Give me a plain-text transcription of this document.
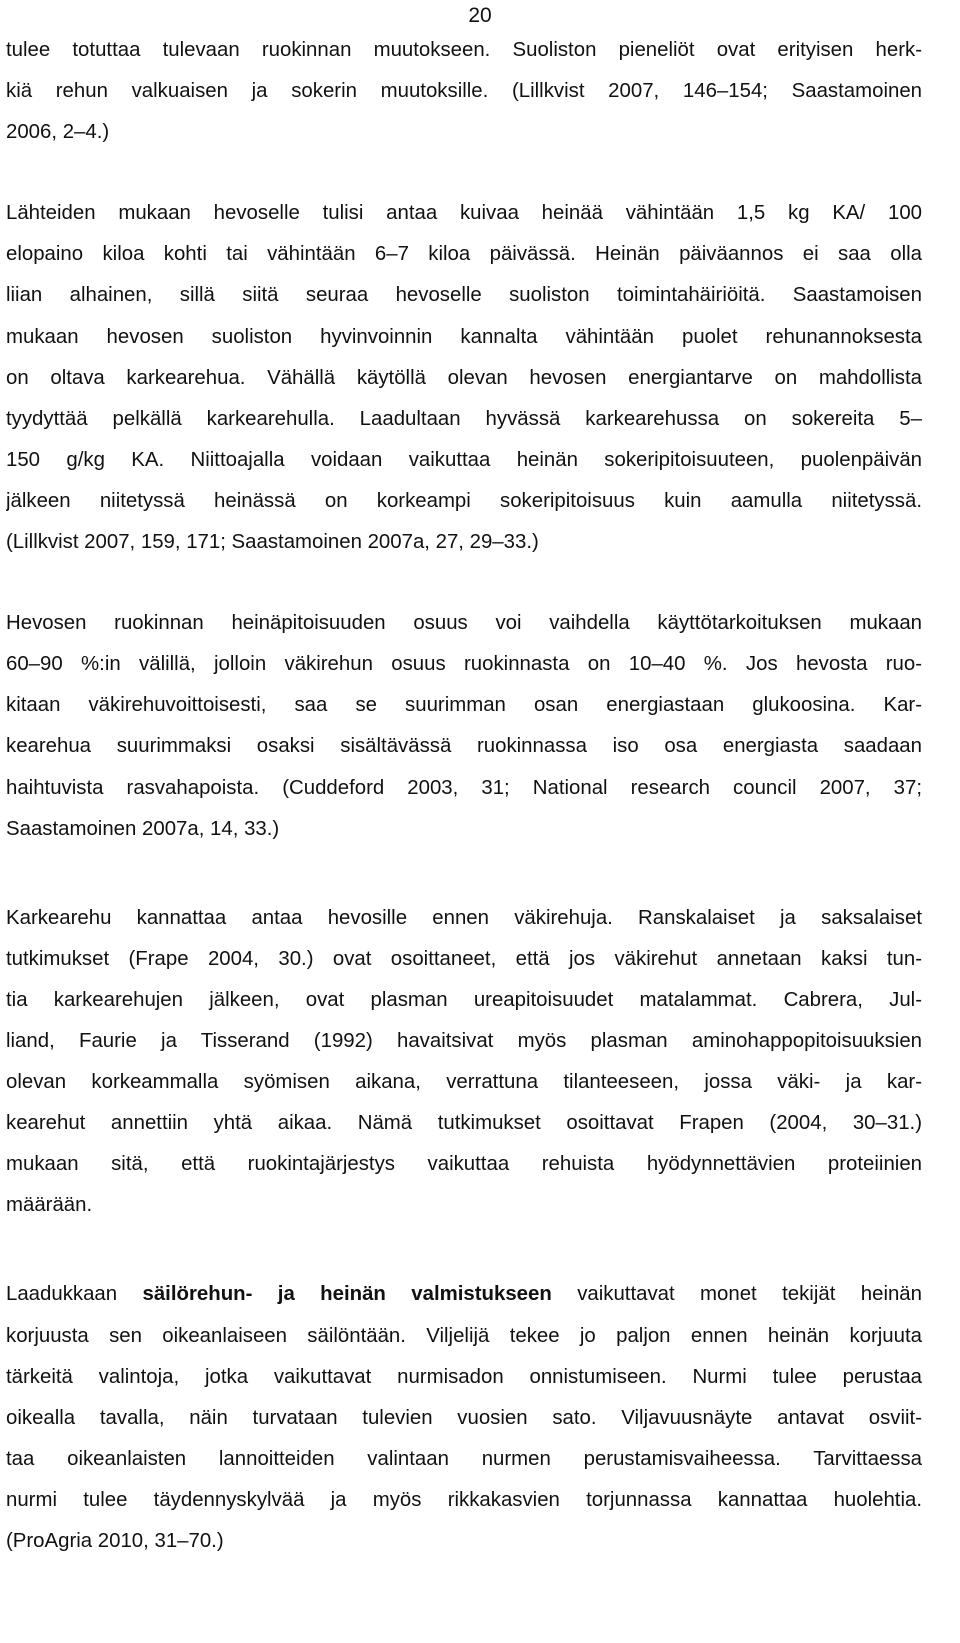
20
tulee totuttaa tulevaan ruokinnan muutokseen. Suoliston pieneliöt ovat erityisen herk-
kiä rehun valkuaisen ja sokerin muutoksille. (Lillkvist 2007, 146–154; Saastamoinen
2006, 2–4.)
Lähteiden mukaan hevoselle tulisi antaa kuivaa heinää vähintään 1,5 kg KA/ 100
elopaino kiloa kohti tai vähintään 6–7 kiloa päivässä. Heinän päiväannos ei saa olla
liian alhainen, sillä siitä seuraa hevoselle suoliston toimintahäiriöitä. Saastamoisen
mukaan hevosen suoliston hyvinvoinnin kannalta vähintään puolet rehunannoksesta
on oltava karkearehua. Vähällä käytöllä olevan hevosen energiantarve on mahdollista
tyydyttää pelkällä karkearehulla. Laadultaan hyvässä karkearehussa on sokereita 5–
150 g/kg KA. Niittoajalla voidaan vaikuttaa heinän sokeripitoisuuteen, puolenpäivän
jälkeen niitetyssä heinässä on korkeampi sokeripitoisuus kuin aamulla niitetyssä.
(Lillkvist 2007, 159, 171; Saastamoinen 2007a, 27, 29–33.)
Hevosen ruokinnan heinäpitoisuuden osuus voi vaihdella käyttötarkoituksen mukaan
60–90 %:in välillä, jolloin väkirehun osuus ruokinnasta on 10–40 %. Jos hevosta ruo-
kitaan väkirehuvoittoisesti, saa se suurimman osan energiastaan glukoosina. Kar-
kearehua suurimmaksi osaksi sisältävässä ruokinnassa iso osa energiasta saadaan
haihtuvista rasvahapoista. (Cuddeford 2003, 31; National research council 2007, 37;
Saastamoinen 2007a, 14, 33.)
Karkearehu kannattaa antaa hevosille ennen väkirehuja. Ranskalaiset ja saksalaiset
tutkimukset (Frape 2004, 30.) ovat osoittaneet, että jos väkirehut annetaan kaksi tun-
tia karkearehujen jälkeen, ovat plasman ureapitoisuudet matalammat. Cabrera, Jul-
liand, Faurie ja Tisserand (1992) havaitsivat myös plasman aminohappopitoisuuksien
olevan korkeammalla syömisen aikana, verrattuna tilanteeseen, jossa väki- ja kar-
kearehut annettiin yhtä aikaa. Nämä tutkimukset osoittavat Frapen (2004, 30–31.)
mukaan sitä, että ruokintajärjestys vaikuttaa rehuista hyödynnettävien proteiinien
määrään.
Laadukkaan säilörehun- ja heinän valmistukseen vaikuttavat monet tekijät heinän
korjuusta sen oikeanlaiseen säilöntään. Viljelijä tekee jo paljon ennen heinän korjuuta
tärkeitä valintoja, jotka vaikuttavat nurmisadon onnistumiseen. Nurmi tulee perustaa
oikealla tavalla, näin turvataan tulevien vuosien sato. Viljavuusnäyte antavat osviit-
taa oikeanlaisten lannoitteiden valintaan nurmen perustamisvaiheessa. Tarvittaessa
nurmi tulee täydennyskylvää ja myös rikkakasvien torjunnassa kannattaa huolehtia.
(ProAgria 2010, 31–70.)
